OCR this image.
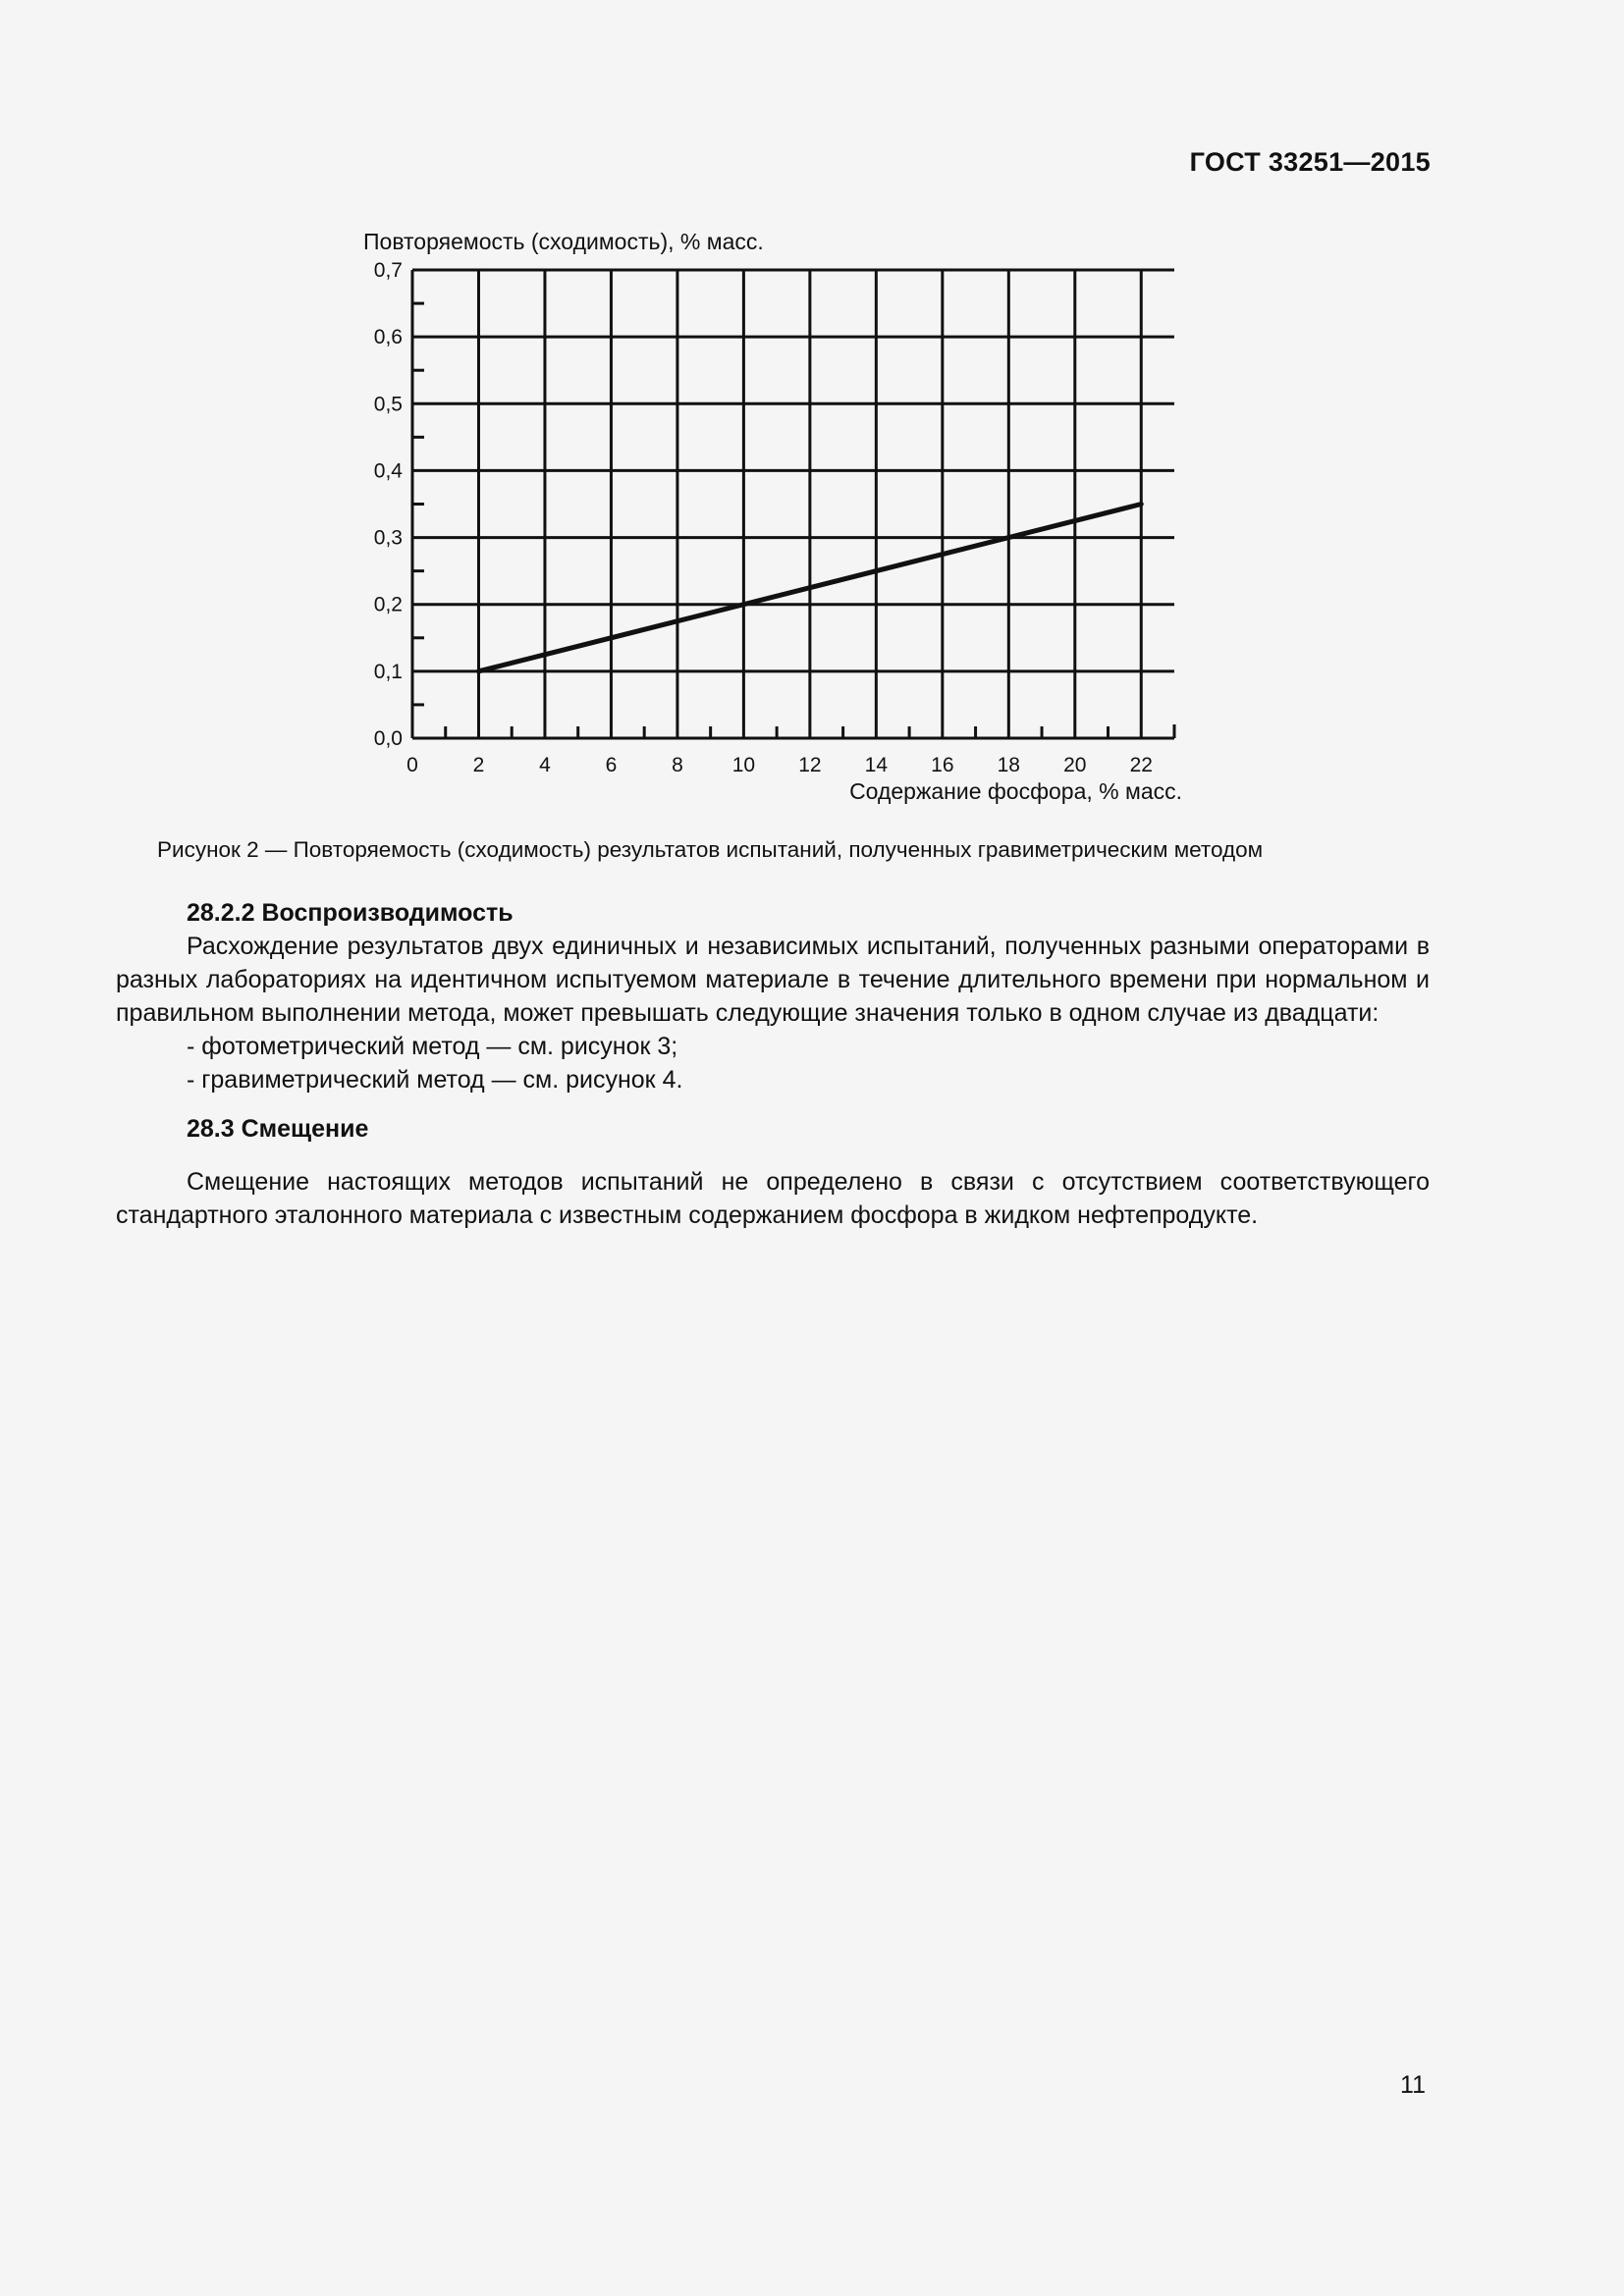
ГОСТ 33251—2015
Повторяемость (сходимость), % масс.
0	2	4	6	8 10 12 14 16 18 20 22
0,0
0,1
0,2
0,3
0,4
0,5
0,6
0,7
Содержание фосфора, % масс.
Рисунок 2 — Повторяемость (сходимость) результатов испытаний, полученных гравиметрическим методом

28.2.2 Воспроизводимость

Расхождение результатов двух единичных и независимых испытаний, полученных разными операторами в разных лабораториях на идентичном испытуемом материале в течение длительного времени при нормальном и правильном выполнении метода, может превышать следующие значения только в одном случае из двадцати:

- фотометрический метод — см. рисунок 3;

- гравиметрический метод — см. рисунок 4.

28.3 Смещение

Смещение настоящих методов испытаний не определено в связи с отсутствием соответствующего стандартного эталонного материала с известным содержанием фосфора в жидком нефтепродукте.

11
